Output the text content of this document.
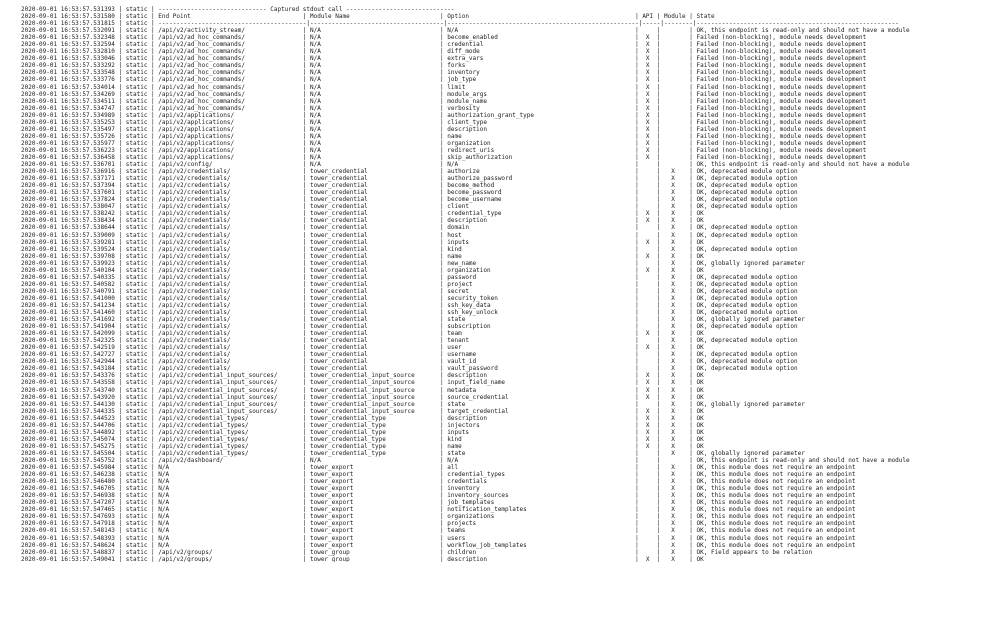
2020-09-01 16:53:57.531393 | static | ------------------------------ Captured stdout call ------------------------------
2020-09-01 16:53:57.531580 | static | End Point                               | Module Name                         | Option                                              | API | Module | State
2020-09-01 16:53:57.531815 | static | -----------------------------------------|-------------------------------------|-----------------------------------------------------|-----|--------|--------------------------------------------------------
2020-09-01 16:53:57.532091 | static | /api/v2/activity_stream/                | N/A                                 | N/A                                                 |     |        | OK, this endpoint is read-only and should not have a module
2020-09-01 16:53:57.532348 | static | /api/v2/ad_hoc_commands/                | N/A                                 | become_enabled                                      |  X  |        | Failed (non-blocking), module needs development
2020-09-01 16:53:57.532594 | static | /api/v2/ad_hoc_commands/                | N/A                                 | credential                                          |  X  |        | Failed (non-blocking), module needs development
2020-09-01 16:53:57.532810 | static | /api/v2/ad_hoc_commands/                | N/A                                 | diff_mode                                           |  X  |        | Failed (non-blocking), module needs development
2020-09-01 16:53:57.533046 | static | /api/v2/ad_hoc_commands/                | N/A                                 | extra_vars                                          |  X  |        | Failed (non-blocking), module needs development
2020-09-01 16:53:57.533292 | static | /api/v2/ad_hoc_commands/                | N/A                                 | forks                                               |  X  |        | Failed (non-blocking), module needs development
2020-09-01 16:53:57.533548 | static | /api/v2/ad_hoc_commands/                | N/A                                 | inventory                                           |  X  |        | Failed (non-blocking), module needs development
2020-09-01 16:53:57.533776 | static | /api/v2/ad_hoc_commands/                | N/A                                 | job_type                                            |  X  |        | Failed (non-blocking), module needs development
2020-09-01 16:53:57.534014 | static | /api/v2/ad_hoc_commands/                | N/A                                 | limit                                               |  X  |        | Failed (non-blocking), module needs development
2020-09-01 16:53:57.534269 | static | /api/v2/ad_hoc_commands/                | N/A                                 | module_args                                         |  X  |        | Failed (non-blocking), module needs development
2020-09-01 16:53:57.534511 | static | /api/v2/ad_hoc_commands/                | N/A                                 | module_name                                         |  X  |        | Failed (non-blocking), module needs development
2020-09-01 16:53:57.534747 | static | /api/v2/ad_hoc_commands/                | N/A                                 | verbosity                                           |  X  |        | Failed (non-blocking), module needs development
2020-09-01 16:53:57.534989 | static | /api/v2/applications/                   | N/A                                 | authorization_grant_type                            |  X  |        | Failed (non-blocking), module needs development
2020-09-01 16:53:57.535253 | static | /api/v2/applications/                   | N/A                                 | client_type                                         |  X  |        | Failed (non-blocking), module needs development
2020-09-01 16:53:57.535497 | static | /api/v2/applications/                   | N/A                                 | description                                         |  X  |        | Failed (non-blocking), module needs development
2020-09-01 16:53:57.535726 | static | /api/v2/applications/                   | N/A                                 | name                                                |  X  |        | Failed (non-blocking), module needs development
2020-09-01 16:53:57.535977 | static | /api/v2/applications/                   | N/A                                 | organization                                        |  X  |        | Failed (non-blocking), module needs development
2020-09-01 16:53:57.536223 | static | /api/v2/applications/                   | N/A                                 | redirect_uris                                       |  X  |        | Failed (non-blocking), module needs development
2020-09-01 16:53:57.536458 | static | /api/v2/applications/                   | N/A                                 | skip_authorization                                  |  X  |        | Failed (non-blocking), module needs development
2020-09-01 16:53:57.536701 | static | /api/v2/config/                         | N/A                                 | N/A                                                 |     |        | OK, this endpoint is read-only and should not have a module
2020-09-01 16:53:57.536916 | static | /api/v2/credentials/                    | tower_credential                    | authorize                                           |     |   X    | OK, deprecated module option
2020-09-01 16:53:57.537171 | static | /api/v2/credentials/                    | tower_credential                    | authorize_password                                  |     |   X    | OK, deprecated module option
2020-09-01 16:53:57.537394 | static | /api/v2/credentials/                    | tower_credential                    | become_method                                       |     |   X    | OK, deprecated module option
2020-09-01 16:53:57.537601 | static | /api/v2/credentials/                    | tower_credential                    | become_password                                     |     |   X    | OK, deprecated module option
2020-09-01 16:53:57.537824 | static | /api/v2/credentials/                    | tower_credential                    | become_username                                     |     |   X    | OK, deprecated module option
2020-09-01 16:53:57.538047 | static | /api/v2/credentials/                    | tower_credential                    | client                                              |     |   X    | OK, deprecated module option
2020-09-01 16:53:57.538242 | static | /api/v2/credentials/                    | tower_credential                    | credential_type                                     |  X  |   X    | OK
2020-09-01 16:53:57.538434 | static | /api/v2/credentials/                    | tower_credential                    | description                                         |  X  |   X    | OK
2020-09-01 16:53:57.538644 | static | /api/v2/credentials/                    | tower_credential                    | domain                                              |     |   X    | OK, deprecated module option
2020-09-01 16:53:57.539009 | static | /api/v2/credentials/                    | tower_credential                    | host                                                |     |   X    | OK, deprecated module option
2020-09-01 16:53:57.539281 | static | /api/v2/credentials/                    | tower_credential                    | inputs                                              |  X  |   X    | OK
2020-09-01 16:53:57.539524 | static | /api/v2/credentials/                    | tower_credential                    | kind                                                |     |   X    | OK, deprecated module option
2020-09-01 16:53:57.539708 | static | /api/v2/credentials/                    | tower_credential                    | name                                                |  X  |   X    | OK
2020-09-01 16:53:57.539923 | static | /api/v2/credentials/                    | tower_credential                    | new_name                                            |     |   X    | OK, globally ignored parameter
2020-09-01 16:53:57.540104 | static | /api/v2/credentials/                    | tower_credential                    | organization                                        |  X  |   X    | OK
2020-09-01 16:53:57.540335 | static | /api/v2/credentials/                    | tower_credential                    | password                                            |     |   X    | OK, deprecated module option
2020-09-01 16:53:57.540582 | static | /api/v2/credentials/                    | tower_credential                    | project                                             |     |   X    | OK, deprecated module option
2020-09-01 16:53:57.540791 | static | /api/v2/credentials/                    | tower_credential                    | secret                                              |     |   X    | OK, deprecated module option
2020-09-01 16:53:57.541000 | static | /api/v2/credentials/                    | tower_credential                    | security_token                                      |     |   X    | OK, deprecated module option
2020-09-01 16:53:57.541234 | static | /api/v2/credentials/                    | tower_credential                    | ssh_key_data                                        |     |   X    | OK, deprecated module option
2020-09-01 16:53:57.541460 | static | /api/v2/credentials/                    | tower_credential                    | ssh_key_unlock                                      |     |   X    | OK, deprecated module option
2020-09-01 16:53:57.541692 | static | /api/v2/credentials/                    | tower_credential                    | state                                               |     |   X    | OK, globally ignored parameter
2020-09-01 16:53:57.541904 | static | /api/v2/credentials/                    | tower_credential                    | subscription                                        |     |   X    | OK, deprecated module option
2020-09-01 16:53:57.542099 | static | /api/v2/credentials/                    | tower_credential                    | team                                                |  X  |   X    | OK
2020-09-01 16:53:57.542325 | static | /api/v2/credentials/                    | tower_credential                    | tenant                                              |     |   X    | OK, deprecated module option
2020-09-01 16:53:57.542519 | static | /api/v2/credentials/                    | tower_credential                    | user                                                |  X  |   X    | OK
2020-09-01 16:53:57.542727 | static | /api/v2/credentials/                    | tower_credential                    | username                                            |     |   X    | OK, deprecated module option
2020-09-01 16:53:57.542944 | static | /api/v2/credentials/                    | tower_credential                    | vault_id                                            |     |   X    | OK, deprecated module option
2020-09-01 16:53:57.543184 | static | /api/v2/credentials/                    | tower_credential                    | vault_password                                      |     |   X    | OK, deprecated module option
2020-09-01 16:53:57.543376 | static | /api/v2/credential_input_sources/       | tower_credential_input_source       | description                                         |  X  |   X    | OK
2020-09-01 16:53:57.543558 | static | /api/v2/credential_input_sources/       | tower_credential_input_source       | input_field_name                                    |  X  |   X    | OK
2020-09-01 16:53:57.543740 | static | /api/v2/credential_input_sources/       | tower_credential_input_source       | metadata                                            |  X  |   X    | OK
2020-09-01 16:53:57.543920 | static | /api/v2/credential_input_sources/       | tower_credential_input_source       | source_credential                                   |  X  |   X    | OK
2020-09-01 16:53:57.544130 | static | /api/v2/credential_input_sources/       | tower_credential_input_source       | state                                               |     |   X    | OK, globally ignored parameter
2020-09-01 16:53:57.544335 | static | /api/v2/credential_input_sources/       | tower_credential_input_source       | target_credential                                   |  X  |   X    | OK
2020-09-01 16:53:57.544523 | static | /api/v2/credential_types/               | tower_credential_type               | description                                         |  X  |   X    | OK
2020-09-01 16:53:57.544706 | static | /api/v2/credential_types/               | tower_credential_type               | injectors                                           |  X  |   X    | OK
2020-09-01 16:53:57.544892 | static | /api/v2/credential_types/               | tower_credential_type               | inputs                                              |  X  |   X    | OK
2020-09-01 16:53:57.545074 | static | /api/v2/credential_types/               | tower_credential_type               | kind                                                |  X  |   X    | OK
2020-09-01 16:53:57.545275 | static | /api/v2/credential_types/               | tower_credential_type               | name                                                |  X  |   X    | OK
2020-09-01 16:53:57.545504 | static | /api/v2/credential_types/               | tower_credential_type               | state                                               |     |   X    | OK, globally ignored parameter
2020-09-01 16:53:57.545752 | static | /api/v2/dashboard/                      | N/A                                 | N/A                                                 |     |        | OK, this endpoint is read-only and should not have a module
2020-09-01 16:53:57.545984 | static | N/A                                     | tower_export                        | all                                                 |     |   X    | OK, this module does not require an endpoint
2020-09-01 16:53:57.546238 | static | N/A                                     | tower_export                        | credential_types                                    |     |   X    | OK, this module does not require an endpoint
2020-09-01 16:53:57.546480 | static | N/A                                     | tower_export                        | credentials                                         |     |   X    | OK, this module does not require an endpoint
2020-09-01 16:53:57.546705 | static | N/A                                     | tower_export                        | inventory                                           |     |   X    | OK, this module does not require an endpoint
2020-09-01 16:53:57.546938 | static | N/A                                     | tower_export                        | inventory_sources                                   |     |   X    | OK, this module does not require an endpoint
2020-09-01 16:53:57.547207 | static | N/A                                     | tower_export                        | job_templates                                       |     |   X    | OK, this module does not require an endpoint
2020-09-01 16:53:57.547465 | static | N/A                                     | tower_export                        | notification_templates                              |     |   X    | OK, this module does not require an endpoint
2020-09-01 16:53:57.547693 | static | N/A                                     | tower_export                        | organizations                                       |     |   X    | OK, this module does not require an endpoint
2020-09-01 16:53:57.547918 | static | N/A                                     | tower_export                        | projects                                            |     |   X    | OK, this module does not require an endpoint
2020-09-01 16:53:57.548143 | static | N/A                                     | tower_export                        | teams                                               |     |   X    | OK, this module does not require an endpoint
2020-09-01 16:53:57.548393 | static | N/A                                     | tower_export                        | users                                               |     |   X    | OK, this module does not require an endpoint
2020-09-01 16:53:57.548624 | static | N/A                                     | tower_export                        | workflow_job_templates                              |     |   X    | OK, this module does not require an endpoint
2020-09-01 16:53:57.548837 | static | /api/v2/groups/                         | tower_group                         | children                                            |     |   X    | OK, Field appears to be relation
2020-09-01 16:53:57.549041 | static | /api/v2/groups/                         | tower_group                         | description                                         |  X  |   X    | OK
